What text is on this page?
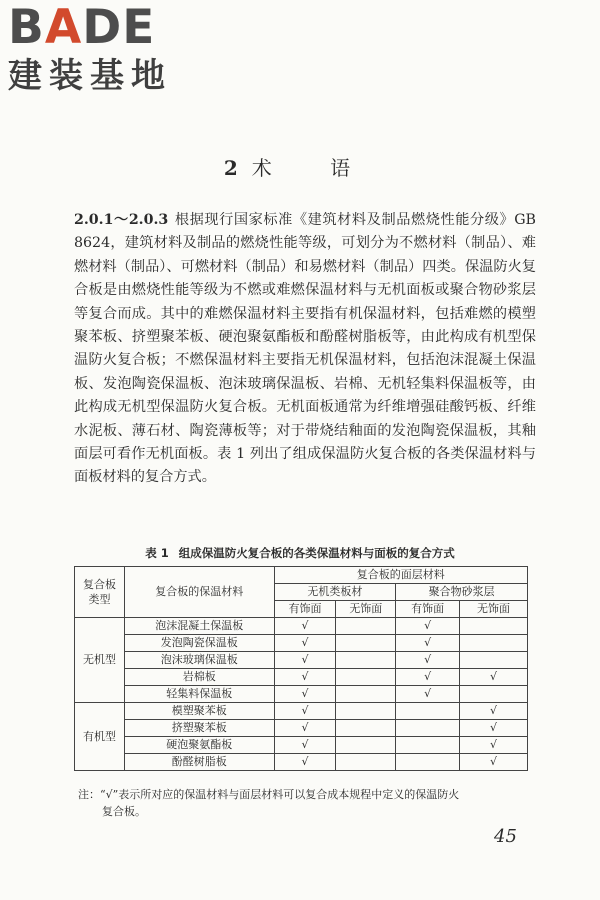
BADE
建装基地
2 术 语

2.0.1～2.0.3 根据现行国家标准《建筑材料及制品燃烧性能分级》GB 8624，建筑材料及制品的燃烧性能等级，可划分为不燃材料（制品）、难燃材料（制品）、可燃材料（制品）和易燃材料（制品）四类。保温防火复合板是由燃烧性能等级为不燃或难燃保温材料与无机面板或聚合物砂浆层等复合而成。其中的难燃保温材料主要指有机保温材料，包括难燃的模塑聚苯板、挤塑聚苯板、硬泡聚氨酯板和酚醛树脂板等，由此构成有机型保温防火复合板；不燃保温材料主要指无机保温材料，包括泡沫混凝土保温板、发泡陶瓷保温板、泡沫玻璃保温板、岩棉、无机轻集料保温板等，由此构成无机型保温防火复合板。无机面板通常为纤维增强硅酸钙板、纤维水泥板、薄石材、陶瓷薄板等；对于带烧结釉面的发泡陶瓷保温板，其釉面层可看作无机面板。表 1 列出了组成保温防火复合板的各类保温材料与面板材料的复合方式。

表 1 组成保温防火复合板的各类保温材料与面板的复合方式
复合板类型	复合板的保温材料	复合板的面层材料			
		无机类板材		聚合物砂浆层	
		有饰面	无饰面	有饰面	无饰面
无机型	泡沫混凝土保温板	√		√	
	发泡陶瓷保温板	√		√	
	泡沫玻璃保温板	√		√	
	岩棉板	√		√	√
	轻集料保温板	√		√	
有机型	模塑聚苯板	√			√
	挤塑聚苯板	√			√
	硬泡聚氨酯板	√			√
	酚醛树脂板	√			√
注：“√”表示所对应的保温材料与面层材料可以复合成本规程中定义的保温防火
复合板。
45
